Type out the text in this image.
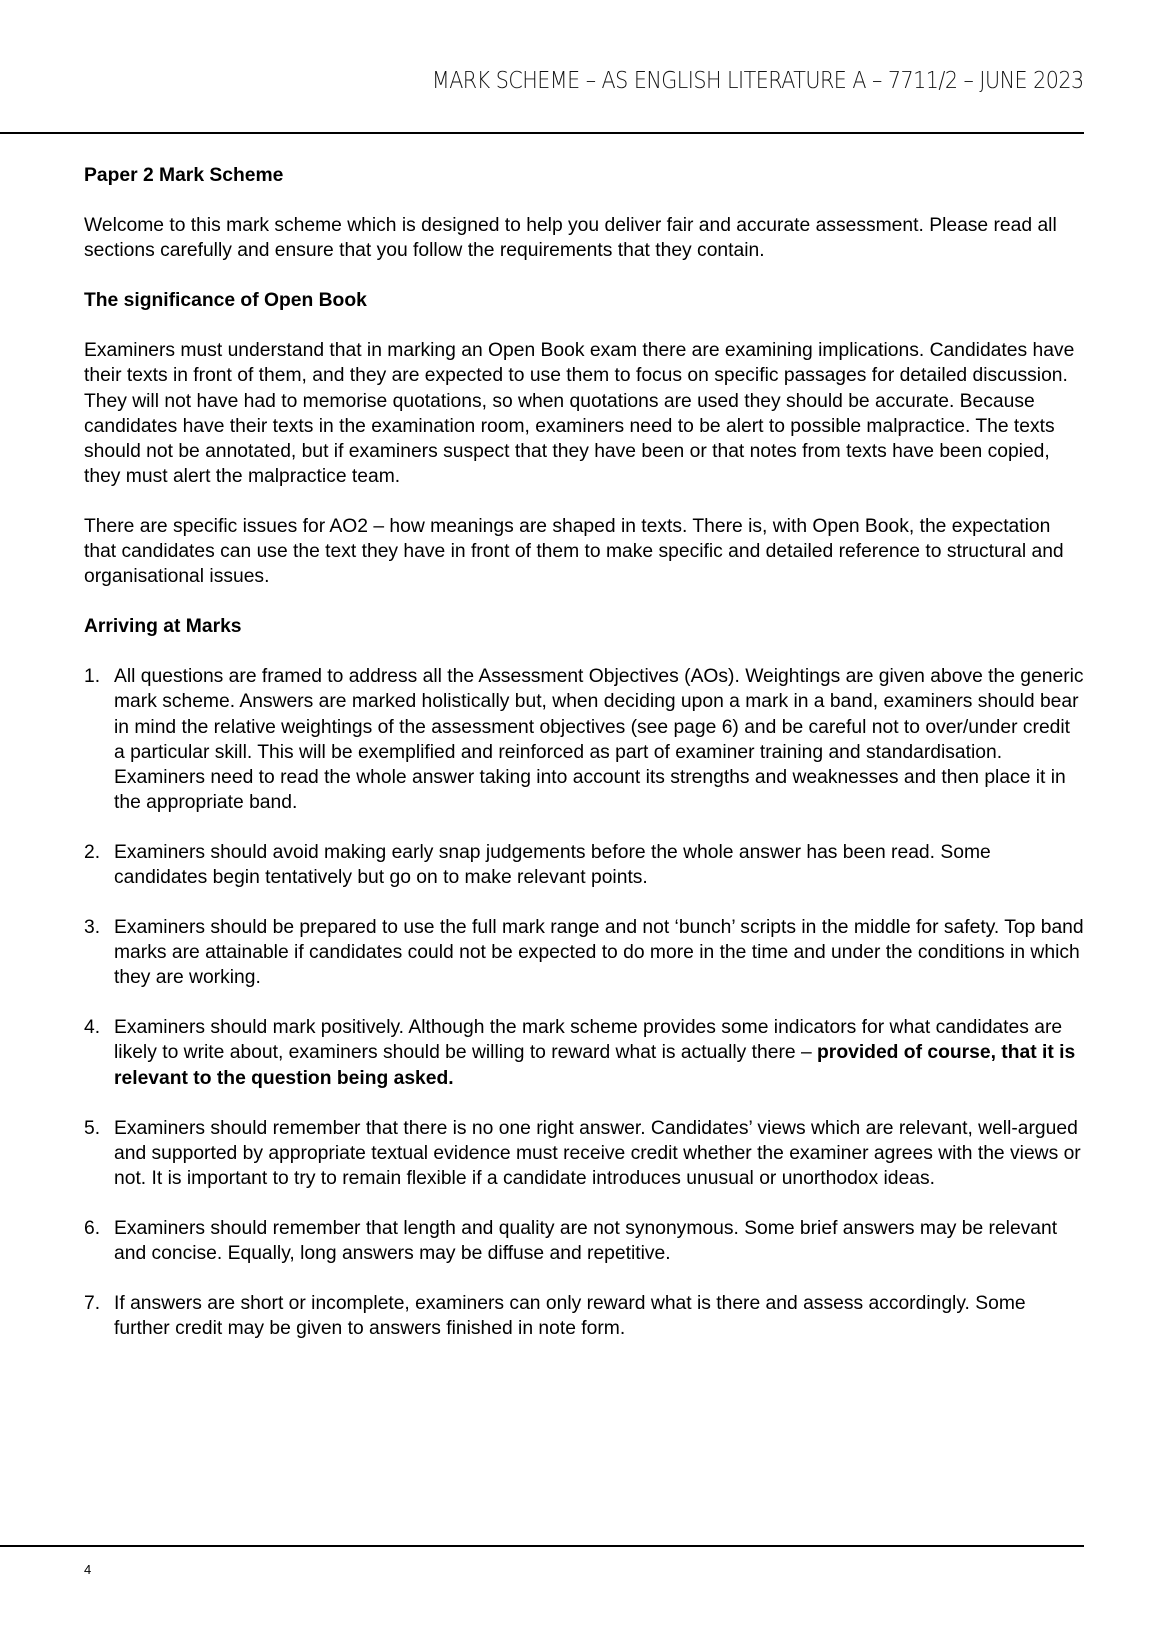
MARK SCHEME – AS ENGLISH LITERATURE A – 7711/2 – JUNE 2023
Paper 2 Mark Scheme

Welcome to this mark scheme which is designed to help you deliver fair and accurate assessment. Please read all sections carefully and ensure that you follow the requirements that they contain.

The significance of Open Book

Examiners must understand that in marking an Open Book exam there are examining implications. Candidates have their texts in front of them, and they are expected to use them to focus on specific passages for detailed discussion. They will not have had to memorise quotations, so when quotations are used they should be accurate. Because candidates have their texts in the examination room, examiners need to be alert to possible malpractice. The texts should not be annotated, but if examiners suspect that they have been or that notes from texts have been copied, they must alert the malpractice team.

There are specific issues for AO2 – how meanings are shaped in texts. There is, with Open Book, the expectation that candidates can use the text they have in front of them to make specific and detailed reference to structural and organisational issues.

Arriving at Marks
1. All questions are framed to address all the Assessment Objectives (AOs). Weightings are given above the generic mark scheme. Answers are marked holistically but, when deciding upon a mark in a band, examiners should bear in mind the relative weightings of the assessment objectives (see page 6) and be careful not to over/under credit a particular skill. This will be exemplified and reinforced as part of examiner training and standardisation. Examiners need to read the whole answer taking into account its strengths and weaknesses and then place it in the appropriate band.
2. Examiners should avoid making early snap judgements before the whole answer has been read. Some candidates begin tentatively but go on to make relevant points.
3. Examiners should be prepared to use the full mark range and not ‘bunch’ scripts in the middle for safety. Top band marks are attainable if candidates could not be expected to do more in the time and under the conditions in which they are working.
4. Examiners should mark positively. Although the mark scheme provides some indicators for what candidates are likely to write about, examiners should be willing to reward what is actually there – provided of course, that it is relevant to the question being asked.
5. Examiners should remember that there is no one right answer. Candidates’ views which are relevant, well-argued and supported by appropriate textual evidence must receive credit whether the examiner agrees with the views or not. It is important to try to remain flexible if a candidate introduces unusual or unorthodox ideas.
6. Examiners should remember that length and quality are not synonymous. Some brief answers may be relevant and concise. Equally, long answers may be diffuse and repetitive.
7. If answers are short or incomplete, examiners can only reward what is there and assess accordingly. Some further credit may be given to answers finished in note form.
4
